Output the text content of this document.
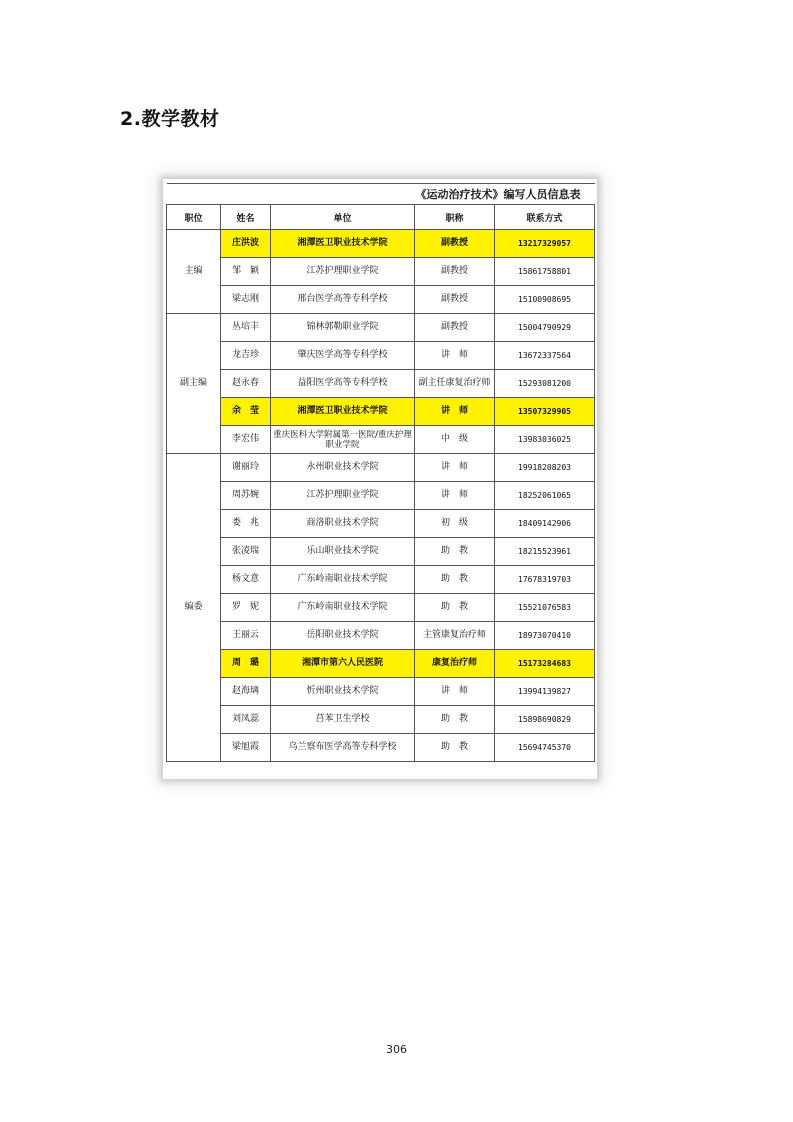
2.教学教材
《运动治疗技术》编写人员信息表				
职位	姓名	单位	职称	联系方式
主编	庄洪波	湘潭医卫职业技术学院	副教授	13217329057
	邹　颖	江苏护理职业学院	副教授	15861758801
	梁志刚	邢台医学高等专科学校	副教授	15100908695
副主编	丛培丰	锦林郭勒职业学院	副教授	15004790929
	龙吉珍	肇庆医学高等专科学校	讲　师	13672337564
	赵永春	益阳医学高等专科学校	副主任康复治疗师	15293081200
	余　莹	湘潭医卫职业技术学院	讲　师	13507329905
	李宏伟	重庆医科大学附属第一医院/重庆护理职业学院	中　级	13983036025
编委	谢丽玲	永州职业技术学院	讲　师	19918208203
	周苏婉	江苏护理职业学院	讲　师	18252061065
	娄　兆	商洛职业技术学院	初　级	18409142906
	张凌瑞	乐山职业技术学院	助　教	18215523961
	杨文意	广东岭南职业技术学院	助　教	17678319703
	罗　妮	广东岭南职业技术学院	助　教	15521076583
	王丽云	岳阳职业技术学院	主管康复治疗师	18973070410
	周　璐	湘潭市第六人民医院	康复治疗师	15173284683
	赵海璃	忻州职业技术学院	讲　师	13994139827
	刘凤蕊	莒苯卫生学校	助　教	15898690829
	梁旭霞	乌兰察布医学高等专科学校	助　教	15694745370
306
